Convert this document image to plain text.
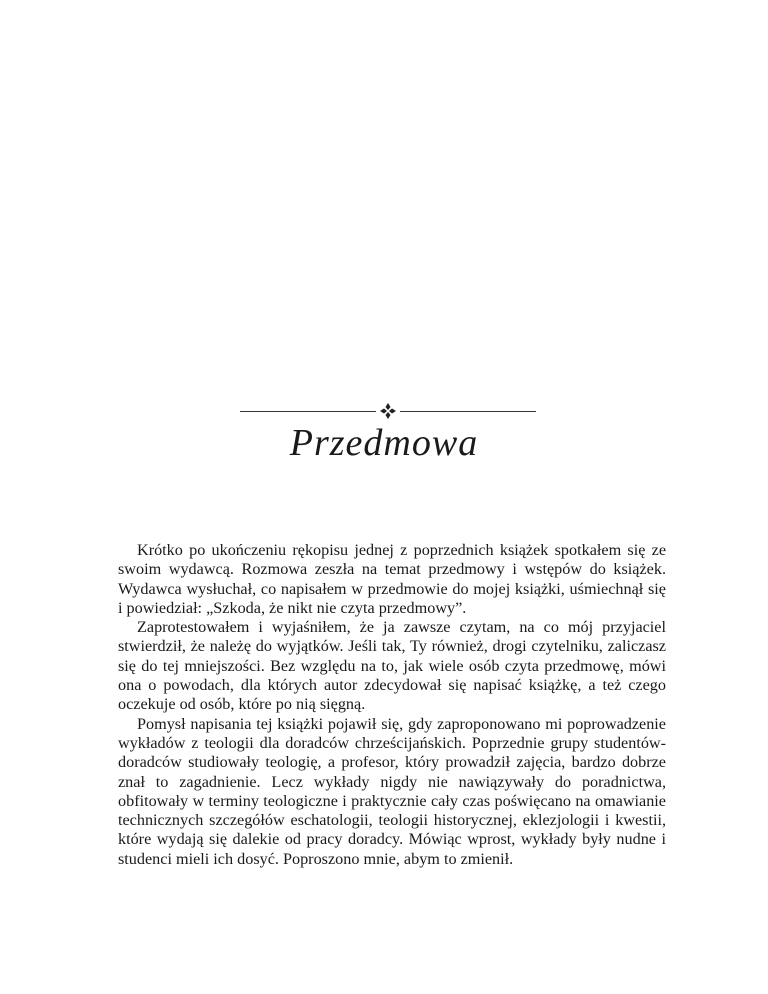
Przedmowa

Krótko po ukończeniu rękopisu jednej z poprzednich książek spotkałem się ze swoim wydawcą. Rozmowa zeszła na temat przedmowy i wstępów do książek. Wydawca wysłuchał, co napisałem w przedmowie do mojej książki, uśmiechnął się i powiedział: „Szkoda, że nikt nie czyta przedmowy”.

Zaprotestowałem i wyjaśniłem, że ja zawsze czytam, na co mój przyjaciel stwierdził, że należę do wyjątków. Jeśli tak, Ty również, drogi czytelniku, zaliczasz się do tej mniejszości. Bez względu na to, jak wiele osób czyta przedmowę, mówi ona o powodach, dla których autor zdecydował się napisać książkę, a też czego oczekuje od osób, które po nią sięgną.

Pomysł napisania tej książki pojawił się, gdy zaproponowano mi poprowadzenie wykładów z teologii dla doradców chrześcijańskich. Poprzednie grupy studentów-doradców studiowały teologię, a profesor, który prowadził zajęcia, bardzo dobrze znał to zagadnienie. Lecz wykłady nigdy nie nawiązywały do poradnictwa, obfitowały w terminy teologiczne i praktycznie cały czas poświęcano na omawianie technicznych szczegółów eschatologii, teologii historycznej, eklezjologii i kwestii, które wydają się dalekie od pracy doradcy. Mówiąc wprost, wykłady były nudne i studenci mieli ich dosyć. Poproszono mnie, abym to zmienił.
